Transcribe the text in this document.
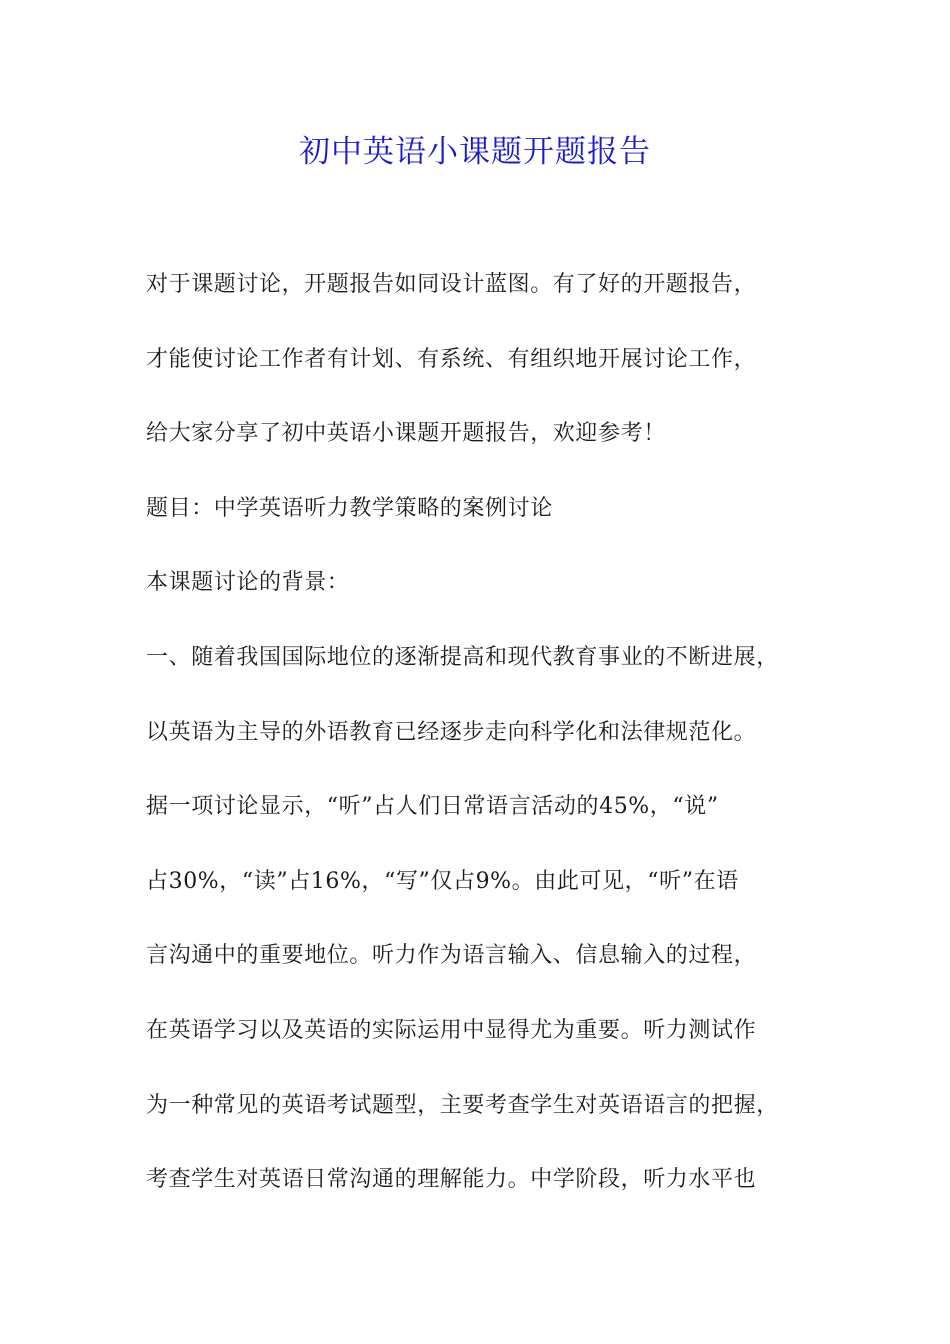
初中英语小课题开题报告
对于课题讨论，开题报告如同设计蓝图。有了好的开题报告，
才能使讨论工作者有计划、有系统、有组织地开展讨论工作，
给大家分享了初中英语小课题开题报告，欢迎参考！
题目：中学英语听力教学策略的案例讨论
本课题讨论的背景：
一、随着我国国际地位的逐渐提高和现代教育事业的不断进展，
以英语为主导的外语教育已经逐步走向科学化和法律规范化。
据一项讨论显示，“听”占人们日常语言活动的45%，“说”
占30%，“读”占16%，“写”仅占9%。由此可见，“听”在语
言沟通中的重要地位。听力作为语言输入、信息输入的过程，
在英语学习以及英语的实际运用中显得尤为重要。听力测试作
为一种常见的英语考试题型，主要考查学生对英语语言的把握，
考查学生对英语日常沟通的理解能力。中学阶段，听力水平也
